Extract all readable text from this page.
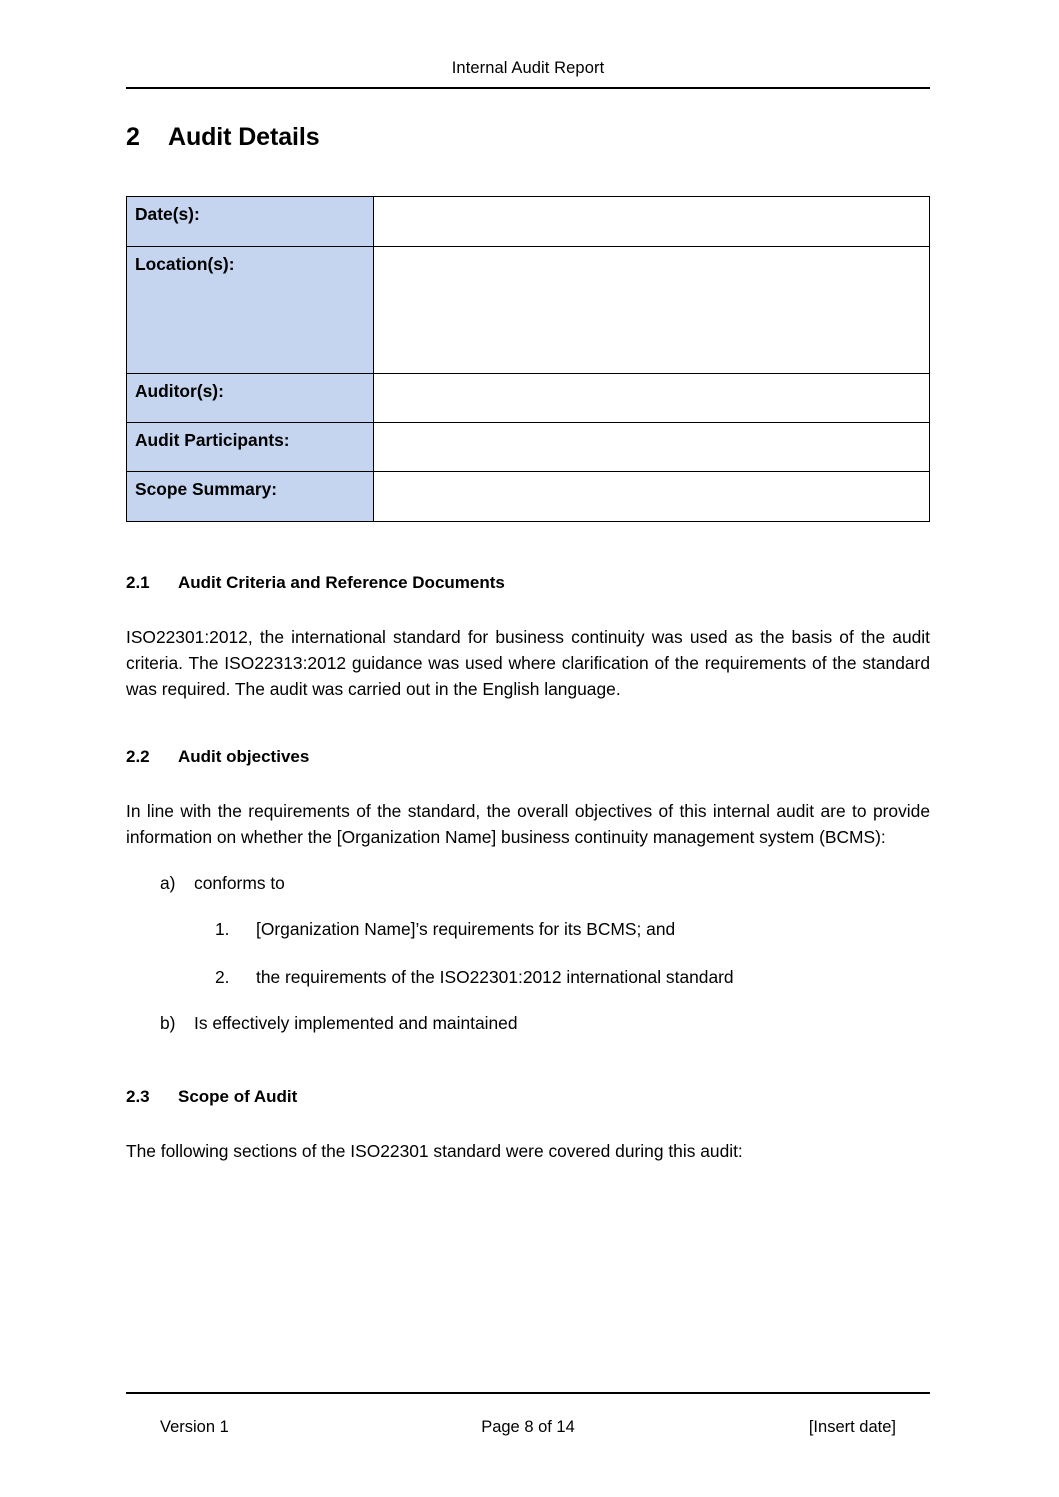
Internal Audit Report
2	Audit Details
Date(s):	
Location(s):	
Auditor(s):	
Audit Participants:	
Scope Summary:	
2.1	Audit Criteria and Reference Documents

ISO22301:2012, the international standard for business continuity was used as the basis of the audit criteria. The ISO22313:2012 guidance was used where clarification of the requirements of the standard was required. The audit was carried out in the English language.

2.2	Audit objectives

In line with the requirements of the standard, the overall objectives of this internal audit are to provide information on whether the [Organization Name] business continuity management system (BCMS):

a)	conforms to
1.	[Organization Name]’s requirements for its BCMS; and
2.	the requirements of the ISO22301:2012 international standard
b)	Is effectively implemented and maintained
2.3	Scope of Audit

The following sections of the ISO22301 standard were covered during this audit:

Version 1	Page 8 of 14	[Insert date]
